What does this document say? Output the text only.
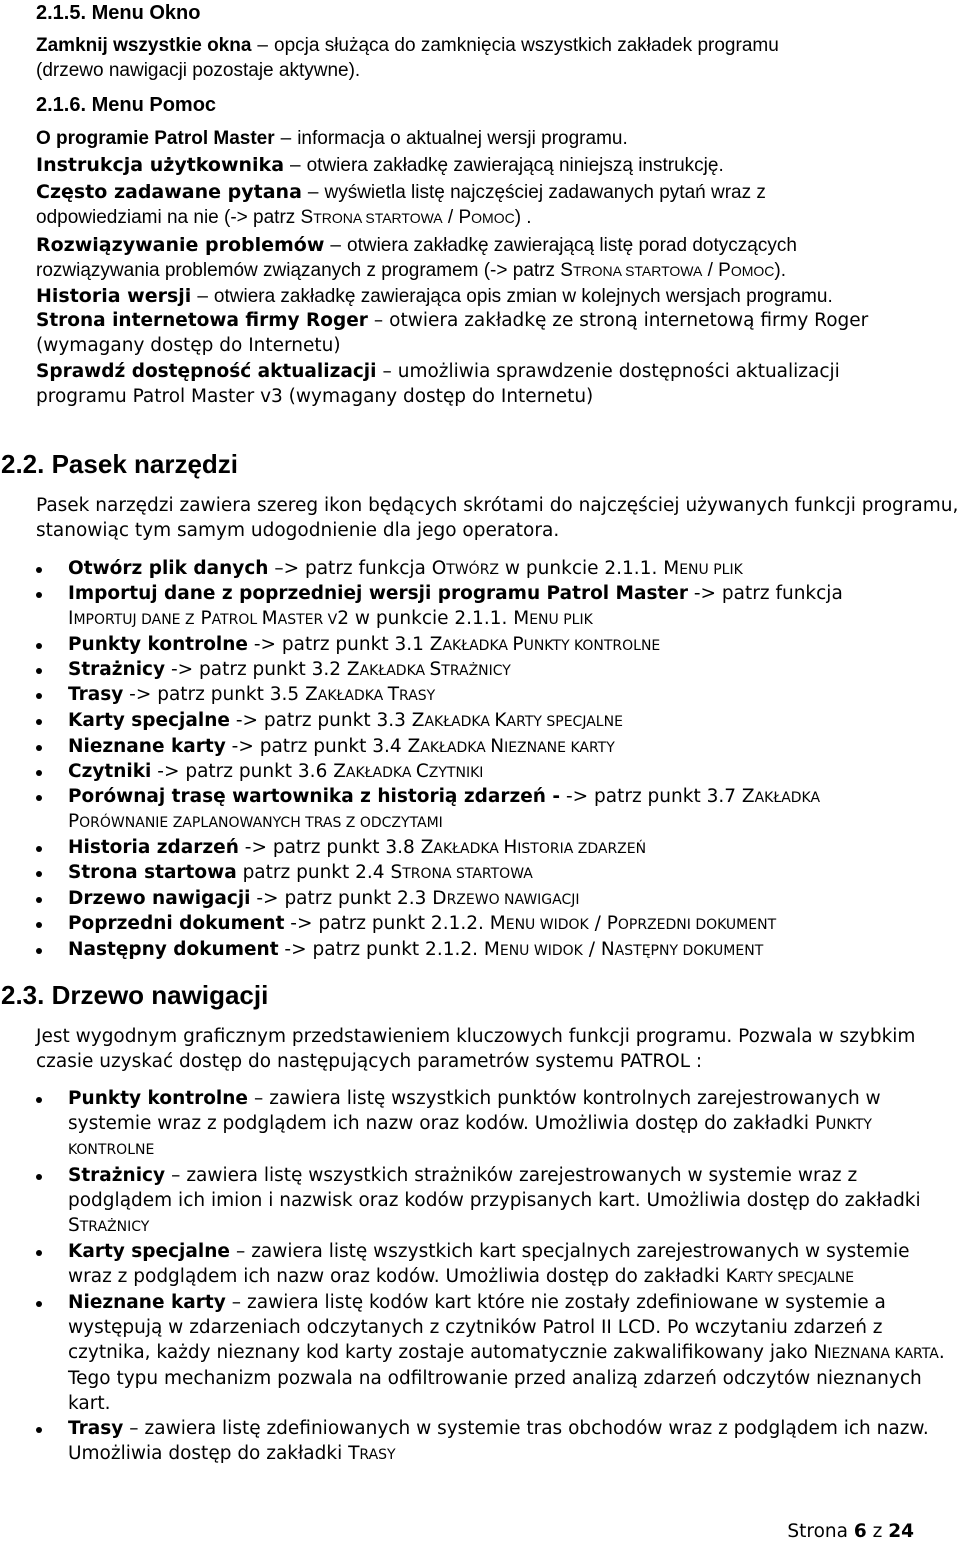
2.1.5. Menu Okno
Zamknij wszystkie okna – opcja służąca do zamknięcia wszystkich zakładek programu
(drzewo nawigacji pozostaje aktywne).
2.1.6. Menu Pomoc
O programie Patrol Master – informacja o aktualnej wersji programu.
Instrukcja użytkownika – otwiera zakładkę zawierającą niniejszą instrukcję.
Często zadawane pytana – wyświetla listę najczęściej zadawanych pytań wraz z
odpowiedziami na nie (-> patrz STRONA STARTOWA / POMOC) .
Rozwiązywanie problemów – otwiera zakładkę zawierającą listę porad dotyczących
rozwiązywania problemów związanych z programem (-> patrz STRONA STARTOWA / POMOC).
Historia wersji – otwiera zakładkę zawierająca opis zmian w kolejnych wersjach programu.
Strona internetowa firmy Roger – otwiera zakładkę ze stroną internetową firmy Roger
(wymagany dostęp do Internetu)
Sprawdź dostępność aktualizacji – umożliwia sprawdzenie dostępności aktualizacji
programu Patrol Master v3 (wymagany dostęp do Internetu)
2.2. Pasek narzędzi
Pasek narzędzi zawiera szereg ikon będących skrótami do najczęściej używanych funkcji programu,
stanowiąc tym samym udogodnienie dla jego operatora.
Otwórz plik danych –> patrz funkcja OTWÓRZ w punkcie 2.1.1. MENU PLIK
Importuj dane z poprzedniej wersji programu Patrol Master -> patrz funkcja
IMPORTUJ DANE Z PATROL MASTER V2 w punkcie 2.1.1. MENU PLIK
Punkty kontrolne -> patrz punkt 3.1 ZAKŁADKA PUNKTY KONTROLNE
Strażnicy -> patrz punkt 3.2 ZAKŁADKA STRAŻNICY
Trasy -> patrz punkt 3.5 ZAKŁADKA TRASY
Karty specjalne -> patrz punkt 3.3 ZAKŁADKA KARTY SPECJALNE
Nieznane karty -> patrz punkt 3.4 ZAKŁADKA NIEZNANE KARTY
Czytniki -> patrz punkt 3.6 ZAKŁADKA CZYTNIKI
Porównaj trasę wartownika z historią zdarzeń - -> patrz punkt 3.7 ZAKŁADKA
PORÓWNANIE ZAPLANOWANYCH TRAS Z ODCZYTAMI
Historia zdarzeń -> patrz punkt 3.8 ZAKŁADKA HISTORIA ZDARZEŃ
Strona startowa patrz punkt 2.4 STRONA STARTOWA
Drzewo nawigacji -> patrz punkt 2.3 DRZEWO NAWIGACJI
Poprzedni dokument -> patrz punkt 2.1.2. MENU WIDOK / POPRZEDNI DOKUMENT
Następny dokument -> patrz punkt 2.1.2. MENU WIDOK / NASTĘPNY DOKUMENT
2.3. Drzewo nawigacji
Jest wygodnym graficznym przedstawieniem kluczowych funkcji programu. Pozwala w szybkim
czasie uzyskać dostęp do następujących parametrów systemu PATROL :
Punkty kontrolne – zawiera listę wszystkich punktów kontrolnych zarejestrowanych w
systemie wraz z podglądem ich nazw oraz kodów. Umożliwia dostęp do zakładki PUNKTY
KONTROLNE
Strażnicy – zawiera listę wszystkich strażników zarejestrowanych w systemie wraz z
podglądem ich imion i nazwisk oraz kodów przypisanych kart. Umożliwia dostęp do zakładki
STRAŻNICY
Karty specjalne – zawiera listę wszystkich kart specjalnych zarejestrowanych w systemie
wraz z podglądem ich nazw oraz kodów. Umożliwia dostęp do zakładki KARTY SPECJALNE
Nieznane karty – zawiera listę kodów kart które nie zostały zdefiniowane w systemie a
występują w zdarzeniach odczytanych z czytników Patrol II LCD. Po wczytaniu zdarzeń z
czytnika, każdy nieznany kod karty zostaje automatycznie zakwalifikowany jako NIEZNANA KARTA.
Tego typu mechanizm pozwala na odfiltrowanie przed analizą zdarzeń odczytów nieznanych
kart.
Trasy – zawiera listę zdefiniowanych w systemie tras obchodów wraz z podglądem ich nazw.
Umożliwia dostęp do zakładki TRASY
Strona 6 z 24
